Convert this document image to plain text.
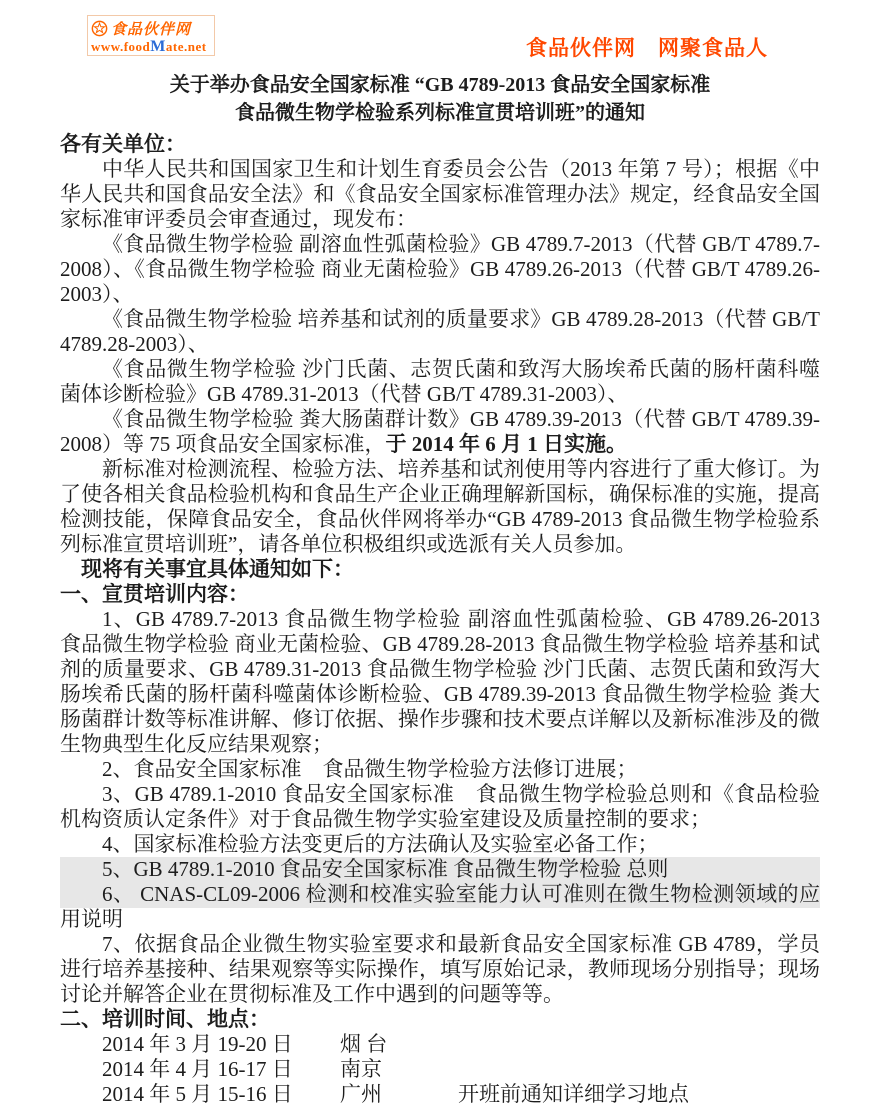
食品伙伴网
www.foodMate.net	食品伙伴网　网聚食品人
关于举办食品安全国家标准 “GB 4789-2013 食品安全国家标准
食品微生物学检验系列标准宣贯培训班”的通知

各有关单位：

中华人民共和国国家卫生和计划生育委员会公告（2013 年第 7 号）；根据《中华人民共和国食品安全法》和《食品安全国家标准管理办法》规定，经食品安全国家标准审评委员会审查通过，现发布：

《食品微生物学检验 副溶血性弧菌检验》GB 4789.7-2013（代替 GB/T 4789.7-2008）、《食品微生物学检验 商业无菌检验》GB 4789.26-2013（代替 GB/T 4789.26-2003）、

《食品微生物学检验 培养基和试剂的质量要求》GB 4789.28-2013（代替 GB/T 4789.28-2003）、

《食品微生物学检验 沙门氏菌、志贺氏菌和致泻大肠埃希氏菌的肠杆菌科噬菌体诊断检验》GB 4789.31-2013（代替 GB/T 4789.31-2003）、

《食品微生物学检验 粪大肠菌群计数》GB 4789.39-2013（代替 GB/T 4789.39-2008）等 75 项食品安全国家标准，于 2014 年 6 月 1 日实施。

新标准对检测流程、检验方法、培养基和试剂使用等内容进行了重大修订。为了使各相关食品检验机构和食品生产企业正确理解新国标，确保标准的实施，提高检测技能，保障食品安全，食品伙伴网将举办“GB 4789-2013 食品微生物学检验系列标准宣贯培训班”，请各单位积极组织或选派有关人员参加。

现将有关事宜具体通知如下：

一、宣贯培训内容：

1、GB 4789.7-2013 食品微生物学检验 副溶血性弧菌检验、GB 4789.26-2013 食品微生物学检验 商业无菌检验、GB 4789.28-2013 食品微生物学检验 培养基和试剂的质量要求、GB 4789.31-2013 食品微生物学检验 沙门氏菌、志贺氏菌和致泻大肠埃希氏菌的肠杆菌科噬菌体诊断检验、GB 4789.39-2013 食品微生物学检验 粪大肠菌群计数等标准讲解、修订依据、操作步骤和技术要点详解以及新标准涉及的微生物典型生化反应结果观察；

2、食品安全国家标准　食品微生物学检验方法修订进展；

3、GB 4789.1-2010 食品安全国家标准　食品微生物学检验总则和《食品检验机构资质认定条件》对于食品微生物学实验室建设及质量控制的要求；

4、国家标准检验方法变更后的方法确认及实验室必备工作；

5、GB 4789.1-2010 食品安全国家标准 食品微生物学检验 总则

6、 CNAS-CL09-2006 检测和校准实验室能力认可准则在微生物检测领域的应用说明

7、依据食品企业微生物实验室要求和最新食品安全国家标准 GB 4789，学员进行培养基接种、结果观察等实际操作，填写原始记录，教师现场分别指导；现场讨论并解答企业在贯彻标准及工作中遇到的问题等等。

二、培训时间、地点：

2014 年 3 月 19-20 日 烟 台
2014 年 4 月 16-17 日 南京
2014 年 5 月 15-16 日 广州	开班前通知详细学习地点
